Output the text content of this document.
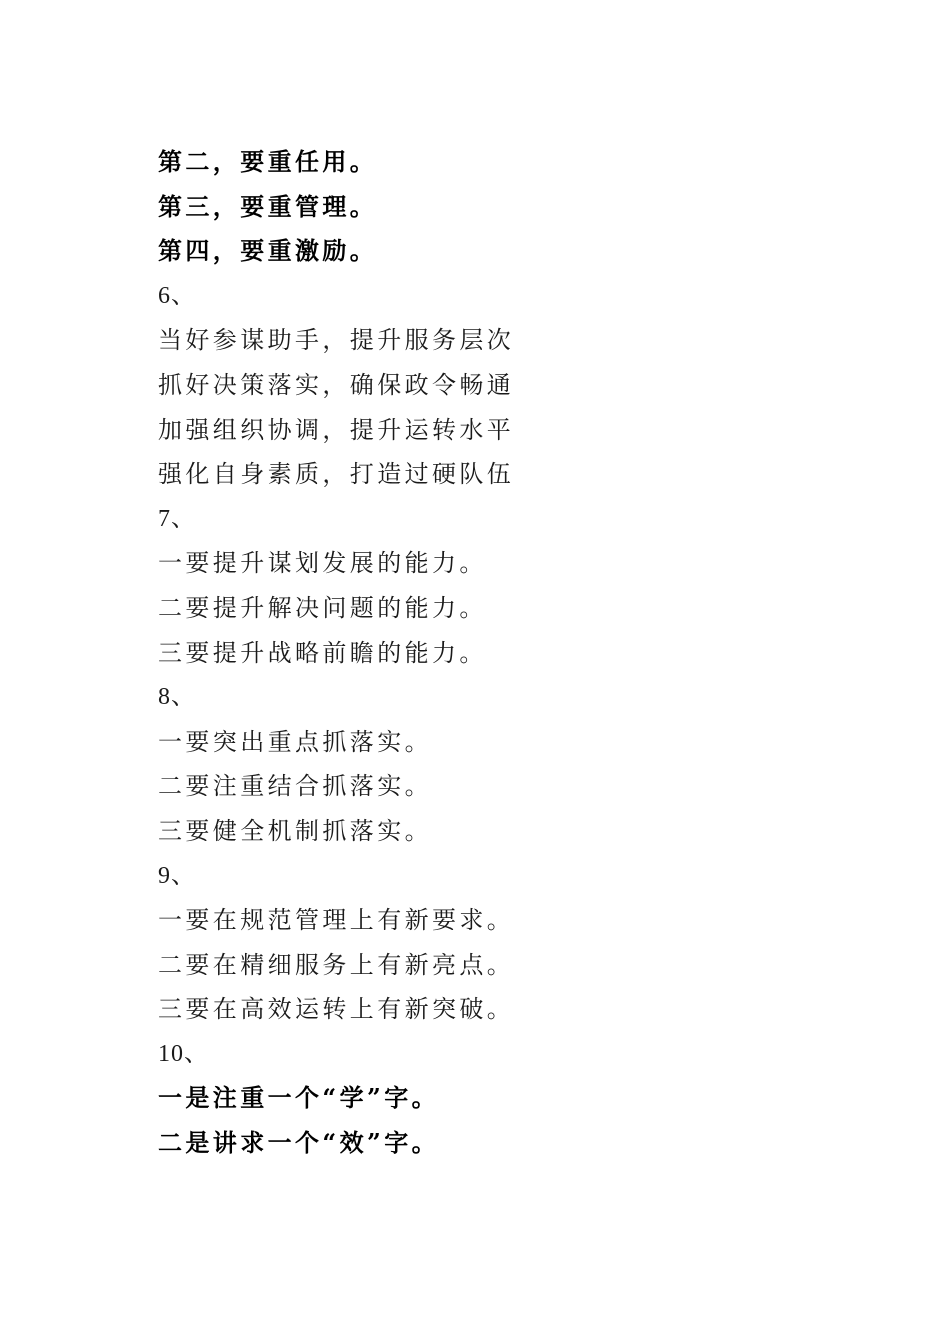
第二，要重任用。
第三，要重管理。
第四，要重激励。
6、
当好参谋助手，提升服务层次
抓好决策落实，确保政令畅通
加强组织协调，提升运转水平
强化自身素质，打造过硬队伍
7、
一要提升谋划发展的能力。
二要提升解决问题的能力。
三要提升战略前瞻的能力。
8、
一要突出重点抓落实。
二要注重结合抓落实。
三要健全机制抓落实。
9、
一要在规范管理上有新要求。
二要在精细服务上有新亮点。
三要在高效运转上有新突破。
10、
一是注重一个“学”字。
二是讲求一个“效”字。
